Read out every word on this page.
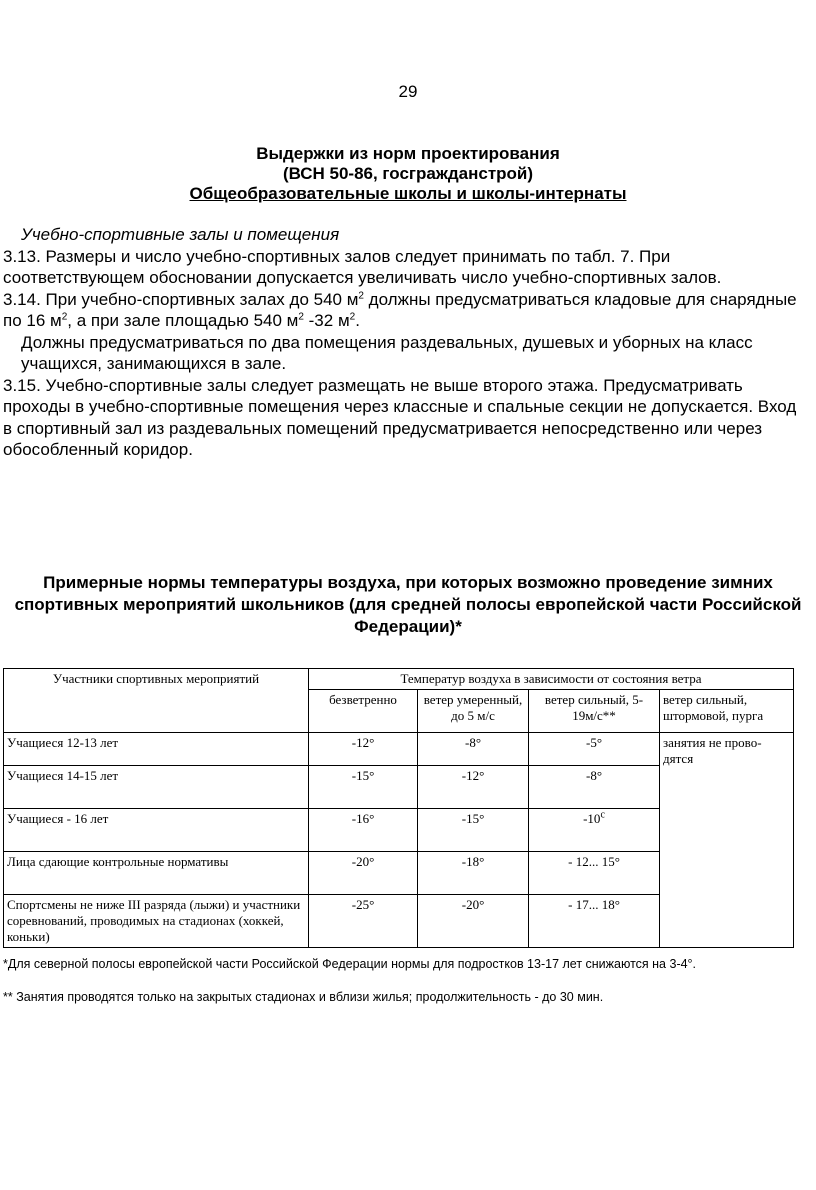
29
Выдержки из норм проектирования
(ВСН 50-86, госгражданстрой)
Общеобразовательные школы и школы-интернаты

Учебно-спортивные залы и помещения

3.13. Размеры и число учебно-спортивных залов следует принимать по табл. 7. При соответствующем обосновании допускается увеличивать число учебно-спортивных залов.

3.14. При учебно-спортивных залах до 540 $м^2$ должны предусматриваться кладовые для снарядные по 16 $м^2$, а при зале площадью 540 $м^2$ -32 $м^2$.

Должны предусматриваться по два помещения раздевальных, душевых и уборных на класс учащихся, занимающихся в зале.

3.15. Учебно-спортивные залы следует размещать не выше второго этажа. Предусматривать проходы в учебно-спортивные помещения через классные и спальные секции не допускается. Вход в спортивный зал из раздевальных помещений предусматривается непосредственно или через обособленный коридор.

Примерные нормы температуры воздуха, при которых возможно проведение зимних спортивных мероприятий школьников (для средней полосы европейской части Российской Федерации)*
Участники спортивных мероприятий	Температур воздуха в зависимости от состояния ветра			
	безветренно	ветер умеренный, до 5 м/с	ветер сильный, 5- 19м/с**	ветер сильный, штормовой, пурга
Учащиеся 12-13 лет	-12°	-8°	-5°	занятия не прово-дятся
Учащиеся 14-15 лет	-15°	-12°	-8°	
Учащиеся - 16 лет	-16°	-15°	$-10^с$
Лица сдающие контрольные нормативы	-20°	-18°	- 12... 15°	
Спортсмены не ниже III разряда (лыжи) и участники соревнований, проводимых на стадионах (хоккей, коньки)	-25°	-20°	- 17... 18°	
*Для северной полосы европейской части Российской Федерации нормы для подростков 13-17 лет снижаются на 3-4°.
** Занятия проводятся только на закрытых стадионах и вблизи жилья; продолжительность - до 30 мин.
